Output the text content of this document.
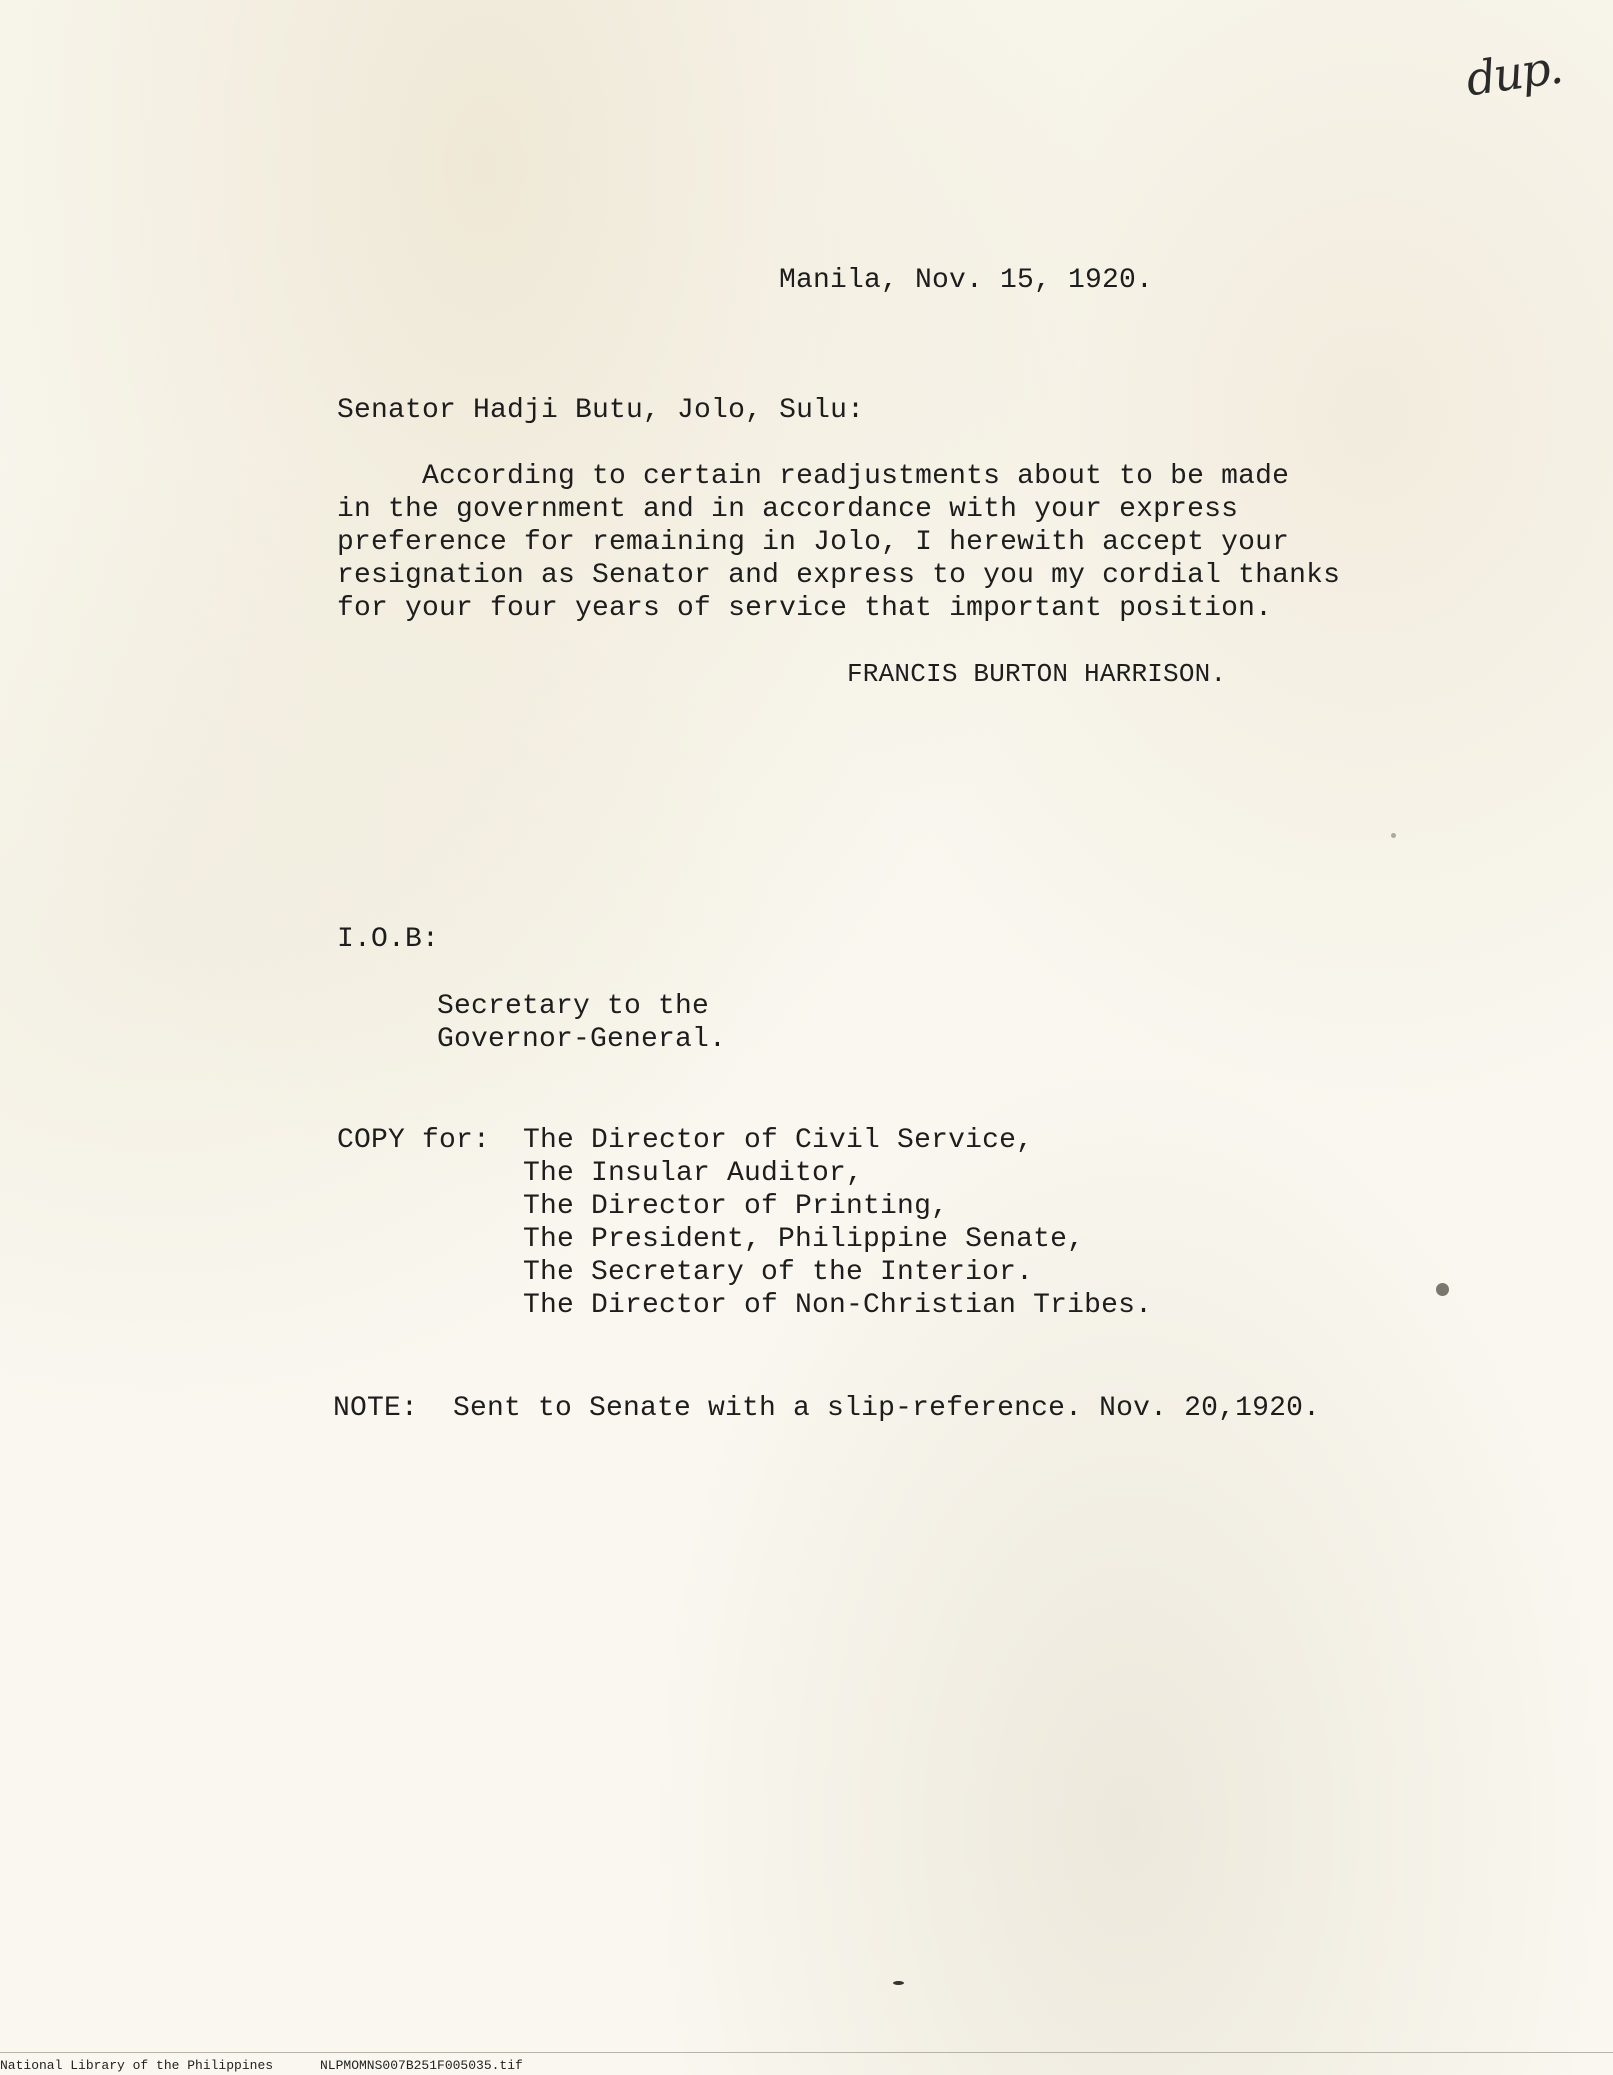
dup.
Manila, Nov. 15, 1920.
Senator Hadji Butu, Jolo, Sulu:
According to certain readjustments about to be made
in the government and in accordance with your express
preference for remaining in Jolo, I herewith accept your
resignation as Senator and express to you my cordial thanks
for your four years of service that important position.
FRANCIS BURTON HARRISON.
I.O.B:
Secretary to the
Governor-General.
COPY for: The Director of Civil Service,
The Insular Auditor,
The Director of Printing,
The President, Philippine Senate,
The Secretary of the Interior.
The Director of Non-Christian Tribes.
NOTE: Sent to Senate with a slip-reference. Nov. 20,1920.
National Library of the Philippines	NLPMOMNS007B251F005035.tif
